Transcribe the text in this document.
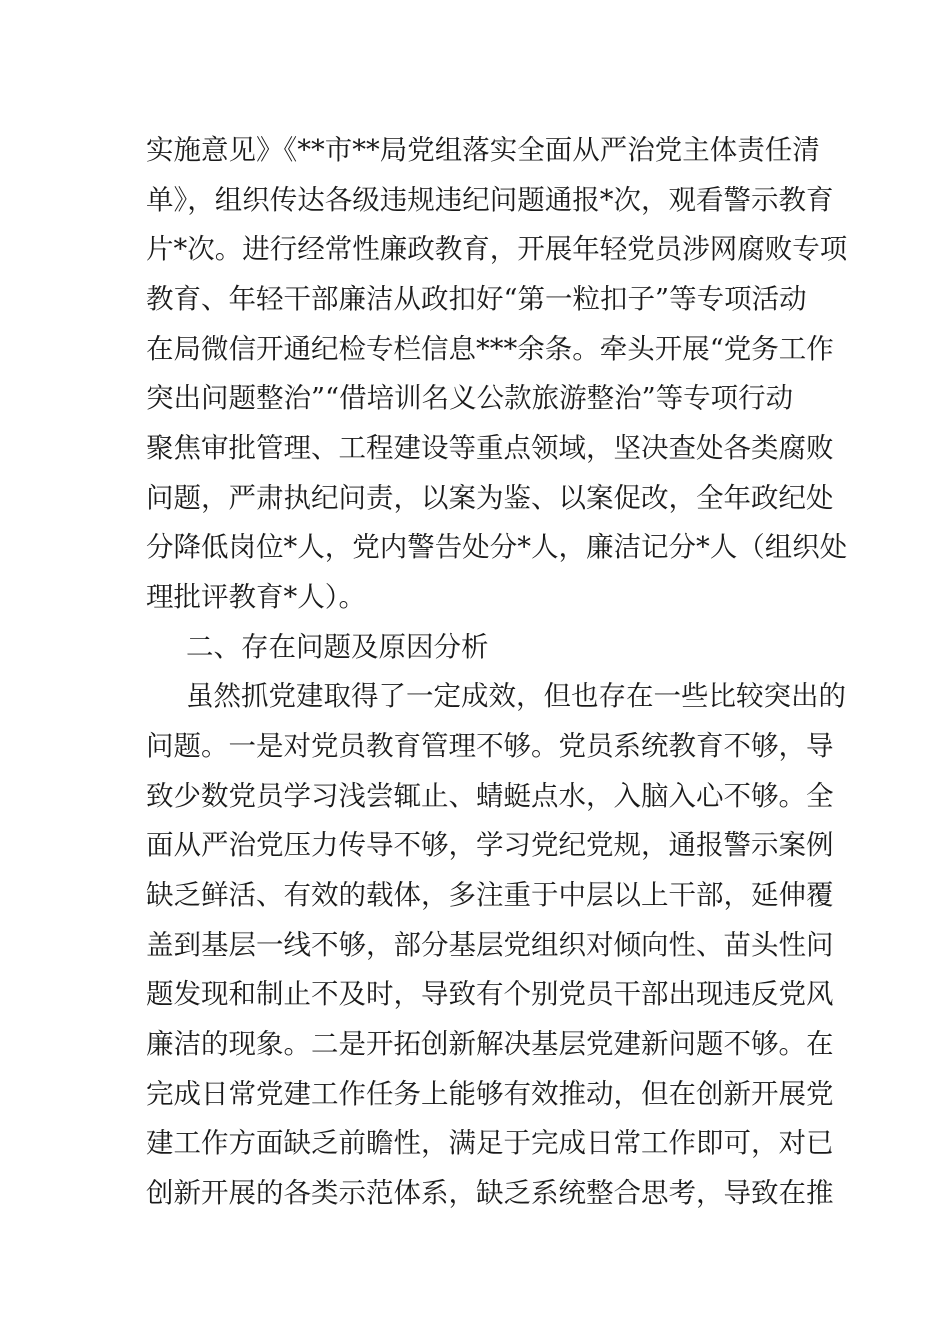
实施意见》《**市**局党组落实全面从严治党主体责任清
单》，组织传达各级违规违纪问题通报*次，观看警示教育
片*次。进行经常性廉政教育，开展年轻党员涉网腐败专项
教育、年轻干部廉洁从政扣好“第一粒扣子”等专项活动
在局微信开通纪检专栏信息***余条。牵头开展“党务工作
突出问题整治”“借培训名义公款旅游整治”等专项行动
聚焦审批管理、工程建设等重点领域，坚决查处各类腐败
问题，严肃执纪问责，以案为鉴、以案促改，全年政纪处
分降低岗位*人，党内警告处分*人，廉洁记分*人（组织处
理批评教育*人）。
二、存在问题及原因分析
虽然抓党建取得了一定成效，但也存在一些比较突出的
问题。一是对党员教育管理不够。党员系统教育不够，导
致少数党员学习浅尝辄止、蜻蜓点水，入脑入心不够。全
面从严治党压力传导不够，学习党纪党规，通报警示案例
缺乏鲜活、有效的载体，多注重于中层以上干部，延伸覆
盖到基层一线不够，部分基层党组织对倾向性、苗头性问
题发现和制止不及时，导致有个别党员干部出现违反党风
廉洁的现象。二是开拓创新解决基层党建新问题不够。在
完成日常党建工作任务上能够有效推动，但在创新开展党
建工作方面缺乏前瞻性，满足于完成日常工作即可，对已
创新开展的各类示范体系，缺乏系统整合思考，导致在推
